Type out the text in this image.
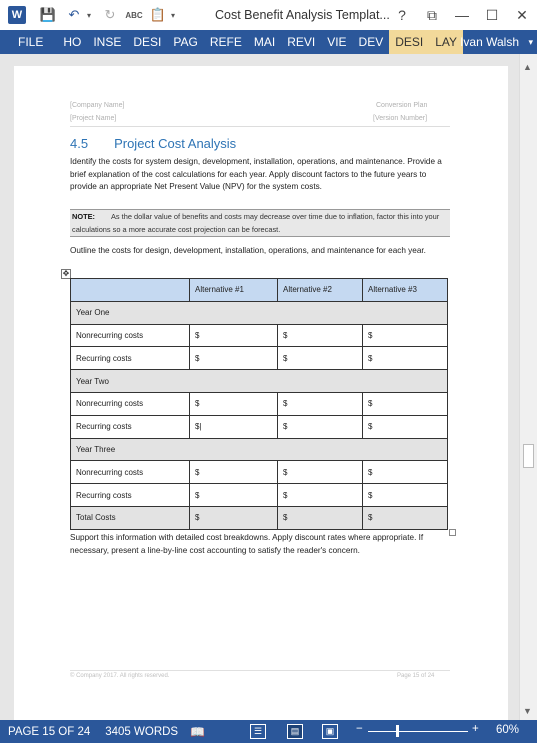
W 💾 ↶ ▾	↻	ABC 📋 ▾	Cost Benefit Analysis Templat... ?	⧉	—	☐	✕
FILE	HO	INSE	DESI	PAG	REFE	MAI	REVI	VIE	DEV	DESI	LAY Ivan Walsh ▾
[Company Name]
[Project Name]
Conversion Plan
[Version Number]
4.5 Project Cost Analysis
Identify the costs for system design, development, installation, operations, and maintenance. Provide a brief explanation of the cost calculations for each year. Apply discount factors to the future years to provide an appropriate Net Present Value (NPV) for the system costs.
NOTE: As the dollar value of benefits and costs may decrease over time due to inflation, factor this into your calculations so a more accurate cost projection can be forecast.
Outline the costs for design, development, installation, operations, and maintenance for each year.
✥
	Alternative #1	Alternative #2	Alternative #3
Year One			
Nonrecurring costs	$	$	$
Recurring costs	$	$	$
Year Two			
Nonrecurring costs	$	$	$
Recurring costs	$|	$	$
Year Three			
Nonrecurring costs	$	$	$
Recurring costs	$	$	$
Total Costs	$	$	$
Support this information with detailed cost breakdowns. Apply discount rates where appropriate. If necessary, present a line-by-line cost accounting to satisfy the reader's concern.
© Company 2017. All rights reserved.	Page 15 of 24
▲
▼
PAGE 15 OF 24 3405 WORDS 📖	☰	▤	▣	−	+ 60%
